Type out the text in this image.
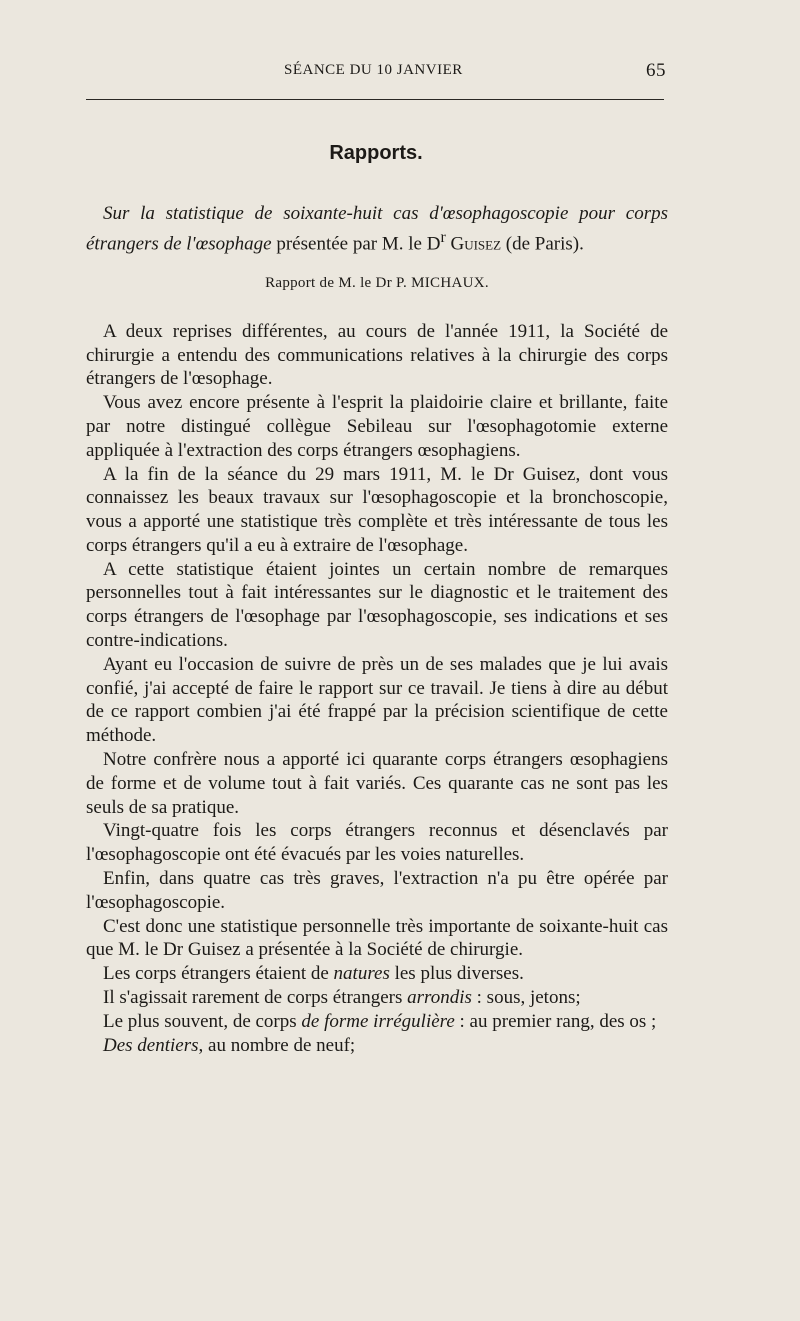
SÉANCE DU 10 JANVIER	65
Rapports.

Sur la statistique de soixante-huit cas d'œsophagoscopie pour corps étrangers de l'œsophage présentée par M. le $D^r$ Guisez (de Paris).

Rapport de M. le Dr P. MICHAUX.

A deux reprises différentes, au cours de l'année 1911, la Société de chirurgie a entendu des communications relatives à la chirurgie des corps étrangers de l'œsophage.

Vous avez encore présente à l'esprit la plaidoirie claire et brillante, faite par notre distingué collègue Sebileau sur l'œsophagotomie externe appliquée à l'extraction des corps étrangers œsophagiens.

A la fin de la séance du 29 mars 1911, M. le Dr Guisez, dont vous connaissez les beaux travaux sur l'œsophagoscopie et la bronchoscopie, vous a apporté une statistique très complète et très intéressante de tous les corps étrangers qu'il a eu à extraire de l'œsophage.

A cette statistique étaient jointes un certain nombre de remarques personnelles tout à fait intéressantes sur le diagnostic et le traitement des corps étrangers de l'œsophage par l'œsophagoscopie, ses indications et ses contre-indications.

Ayant eu l'occasion de suivre de près un de ses malades que je lui avais confié, j'ai accepté de faire le rapport sur ce travail. Je tiens à dire au début de ce rapport combien j'ai été frappé par la précision scientifique de cette méthode.

Notre confrère nous a apporté ici quarante corps étrangers œsophagiens de forme et de volume tout à fait variés. Ces quarante cas ne sont pas les seuls de sa pratique.

Vingt-quatre fois les corps étrangers reconnus et désenclavés par l'œsophagoscopie ont été évacués par les voies naturelles.

Enfin, dans quatre cas très graves, l'extraction n'a pu être opérée par l'œsophagoscopie.

C'est donc une statistique personnelle très importante de soixante-huit cas que M. le Dr Guisez a présentée à la Société de chirurgie.

Les corps étrangers étaient de natures les plus diverses.

Il s'agissait rarement de corps étrangers arrondis : sous, jetons;

Le plus souvent, de corps de forme irrégulière : au premier rang, des os ;

Des dentiers, au nombre de neuf;
